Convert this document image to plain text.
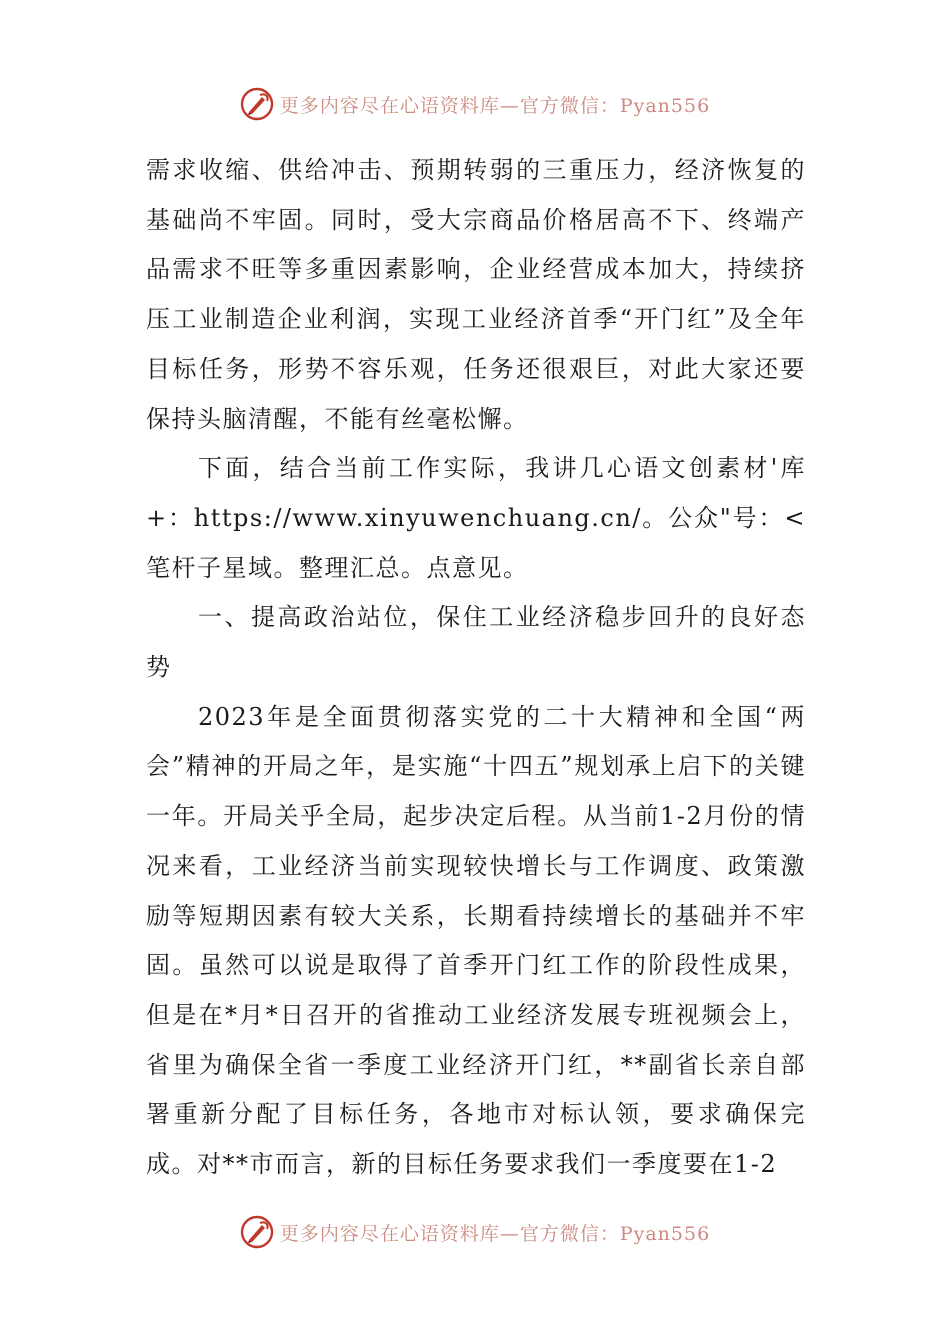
更多内容尽在心语资料库—官方微信：Pyan556

需求收缩、供给冲击、预期转弱的三重压力，经济恢复的基础尚不牢固。同时，受大宗商品价格居高不下、终端产品需求不旺等多重因素影响，企业经营成本加大，持续挤压工业制造企业利润，实现工业经济首季“开门红”及全年目标任务，形势不容乐观，任务还很艰巨，对此大家还要保持头脑清醒，不能有丝毫松懈。

下面，结合当前工作实际，我讲几心语文创素材'库+：https://www.xinyuwenchuang.cn/。公众"号：<笔杆子星域。整理汇总。点意见。

一、提高政治站位，保住工业经济稳步回升的良好态势

2023年是全面贯彻落实党的二十大精神和全国“两会”精神的开局之年，是实施“十四五”规划承上启下的关键一年。开局关乎全局，起步决定后程。从当前1-2月份的情况来看，工业经济当前实现较快增长与工作调度、政策激励等短期因素有较大关系，长期看持续增长的基础并不牢固。虽然可以说是取得了首季开门红工作的阶段性成果，但是在*月*日召开的省推动工业经济发展专班视频会上，省里为确保全省一季度工业经济开门红，**副省长亲自部署重新分配了目标任务，各地市对标认领，要求确保完成。对**市而言，新的目标任务要求我们一季度要在1-2

更多内容尽在心语资料库—官方微信：Pyan556
